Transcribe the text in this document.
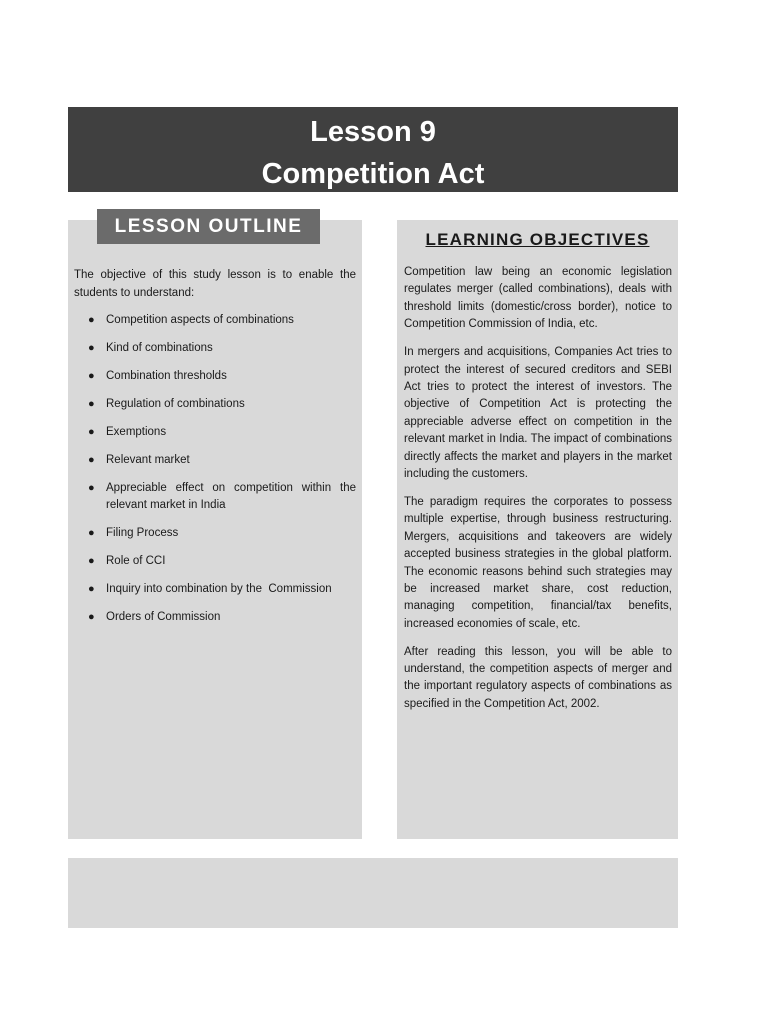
Lesson 9
Competition Act
LESSON OUTLINE
The objective of this study lesson is to enable the students to understand:
● Competition aspects of combinations
● Kind of combinations
● Combination thresholds
● Regulation of combinations
● Exemptions
● Relevant market
● Appreciable effect on competition within the relevant market in India
● Filing Process
● Role of CCI
● Inquiry into combination by the  Commission
● Orders of Commission
LEARNING OBJECTIVES

Competition law being an economic legislation regulates merger (called combinations), deals with threshold limits (domestic/cross border), notice to Competition Commission of India, etc.

In mergers and acquisitions, Companies Act tries to protect the interest of secured creditors and SEBI Act tries to protect the interest of investors. The objective of Competition Act is protecting the appreciable adverse effect on competition in the relevant market in India. The impact of combinations directly affects the market and players in the market including the customers.

The paradigm requires the corporates to possess multiple expertise, through business restructuring. Mergers, acquisitions and takeovers are widely accepted business strategies in the global platform. The economic reasons behind such strategies may be increased market share, cost reduction, managing competition, financial/tax benefits, increased economies of scale, etc.

After reading this lesson, you will be able to understand, the competition aspects of merger and the important regulatory aspects of combinations as specified in the Competition Act, 2002.
